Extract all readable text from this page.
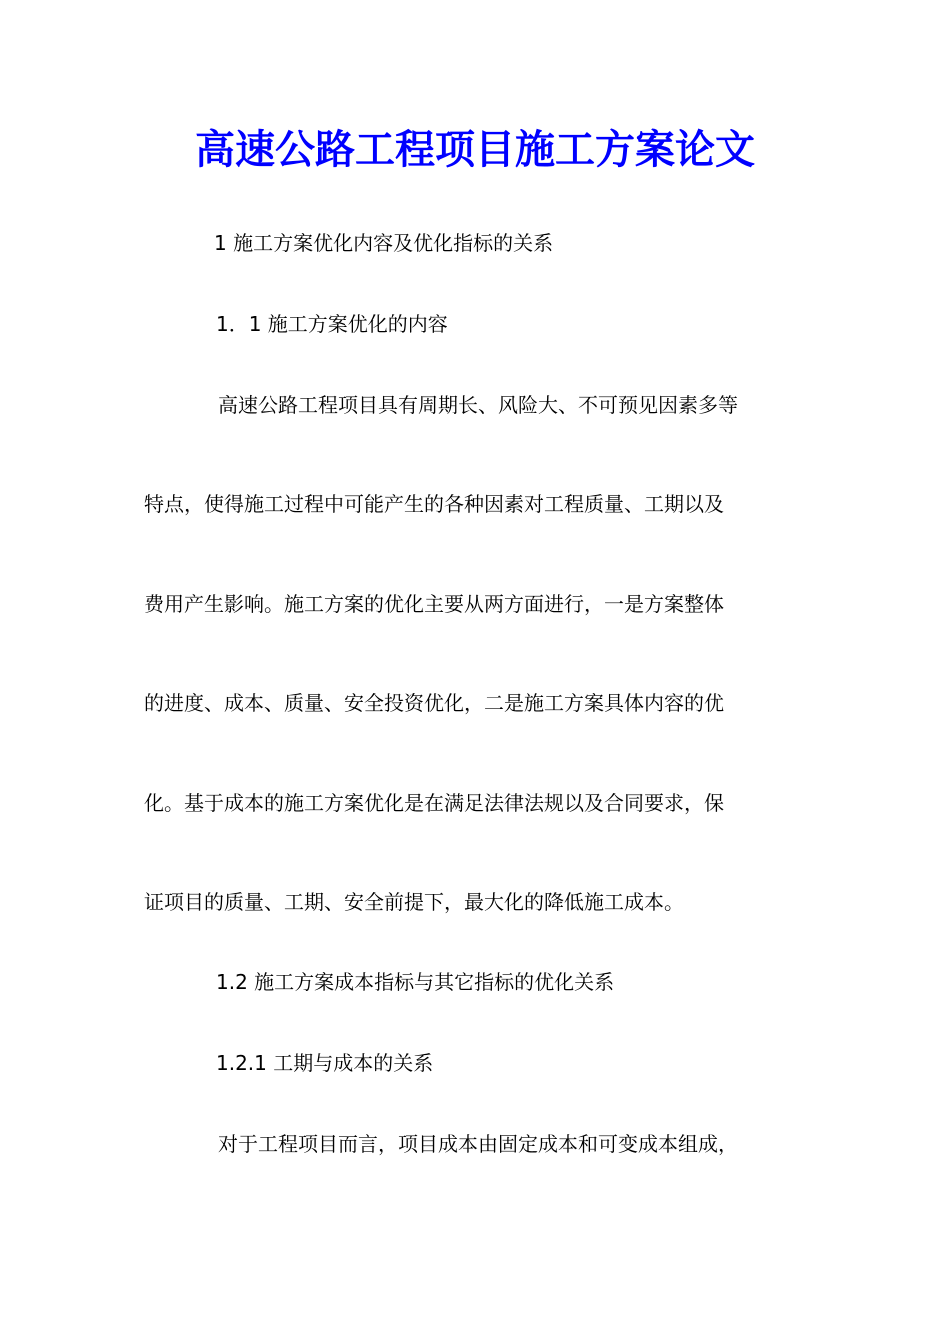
高速公路工程项目施工方案论文
1 施工方案优化内容及优化指标的关系
1．1 施工方案优化的内容
高速公路工程项目具有周期长、风险大、不可预见因素多等
特点，使得施工过程中可能产生的各种因素对工程质量、工期以及
费用产生影响。施工方案的优化主要从两方面进行，一是方案整体
的进度、成本、质量、安全投资优化，二是施工方案具体内容的优
化。基于成本的施工方案优化是在满足法律法规以及合同要求，保
证项目的质量、工期、安全前提下，最大化的降低施工成本。
1.2 施工方案成本指标与其它指标的优化关系
1.2.1 工期与成本的关系
对于工程项目而言，项目成本由固定成本和可变成本组成，
